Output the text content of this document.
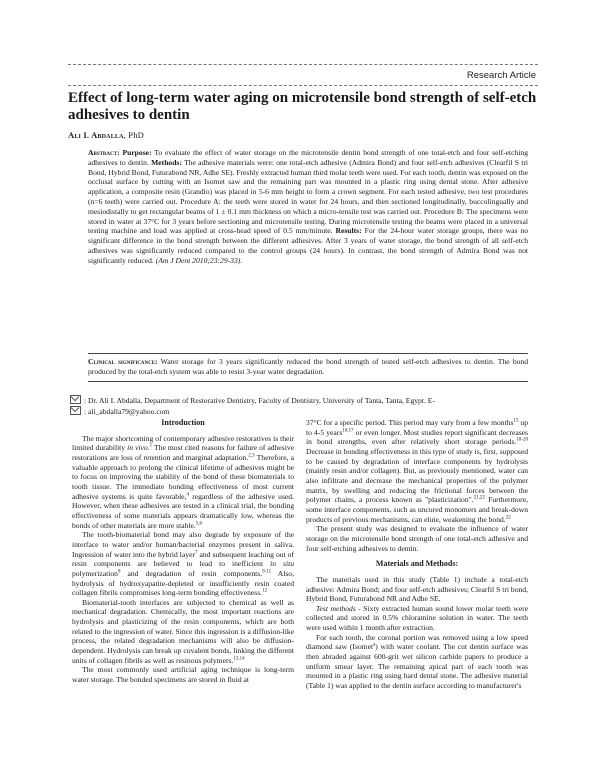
Research Article
Effect of long-term water aging on microtensile bond strength of self-etch adhesives to dentin
Ali I. Abdalla, PhD

Abstract: Purpose: To evaluate the effect of water storage on the microtensile dentin bond strength of one total-etch and four self-etching adhesives to dentin. Methods: The adhesive materials were: one total-etch adhesive (Admira Bond) and four self-etch adhesives (Clearfil S tri Bond, Hybrid Bond, Futurabond NR, Adhe SE). Freshly extracted human third molar teeth were used. For each tooth, dentin was exposed on the occlusal surface by cutting with an Isomet saw and the remaining part was mounted in a plastic ring using dental stone. After adhesive application, a composite resin (Grandio) was placed in 5-6 mm height to form a crown segment. For each tested adhesive, two test procedures (n=6 teeth) were carried out. Procedure A: the teeth were stored in water for 24 hours, and then sectioned longitudinally, buccolingually and mesiodistally to get rectangular beams of 1 ± 0.1 mm thickness on which a micro-tensile test was carried out. Procedure B: The specimens were stored in water at 37°C for 3 years before sectioning and microtensile testing. During microtensile testing the beams were placed in a universal testing machine and load was applied at cross-head speed of 0.5 mm/minute. Results: For the 24-hour water storage groups, there was no significant difference in the bond strength between the different adhesives. After 3 years of water storage, the bond strength of all self-etch adhesives was significantly reduced compared to the control groups (24 hours). In contrast, the bond strength of Admira Bond was not significantly reduced. (Am J Dent 2010;23:29-33).

Clinical significance: Water storage for 3 years significantly reduced the bond strength of tested self-etch adhesives to dentin. The bond produced by the total-etch system was able to resist 3-year water degradation.
: Dr. Ali I. Abdalla, Department of Restorative Dentistry, Faculty of Dentistry, University of Tanta, Tanta, Egypt. E-
: ali_abdalla79@yahoo.com
Introduction

The major shortcoming of contemporary adhesive restoratives is their limited durability in vivo.$^1$ The most cited reasons for failure of adhesive restorations are loss of retention and marginal adaptation.$^{2,3}$ Therefore, a valuable approach to prolong the clinical lifetime of adhesives might be to focus on improving the stability of the bond of these biomaterials to tooth tissue. The immediate bonding effectiveness of most current adhesive systems is quite favorable,$^4$ regardless of the adhesive used. However, when these adhesives are tested in a clinical trial, the bonding effectiveness of some materials appears dramatically low, whereas the bonds of other materials are more stable.$^{5,6}$

The tooth-biomaterial bond may also degrade by exposure of the interface to water and/or human/bacterial enzymes present in saliva. Ingression of water into the hybrid layer$^7$ and subsequent leaching out of resin components are believed to lead to inefficient in situ polymerization$^8$ and degradation of resin components.$^{9-11}$ Also, hydrolysis of hydroxyapatite-depleted or insufficiently resin coated collagen fibrils compromises long-term bonding effectiveness.$^{12}$

Biomaterial-tooth interfaces are subjected to chemical as well as mechanical degradation. Chemically, the most important reactions are hydrolysis and plasticizing of the resin components, which are both related to the ingression of water. Since this ingression is a diffusion-like process, the related degradation mechanisms will also be diffusion-dependent. Hydrolysis can break up covalent bonds, linking the different units of collagen fibrils as well as resinous polymers.$^{13,14}$

The most commonly used artificial aging technique is long-term water storage. The bonded specimens are stored in fluid at

37°C for a specific period. This period may vary from a few months$^{15}$ up to 4-5 years$^{16,17}$ or even longer. Most studies report significant decreases in bond strengths, even after relatively short storage periods.$^{18-20}$ Decrease in bonding effectiveness in this type of study is, first, supposed to be caused by degradation of interface components by hydrolysis (mainly resin and/or collagen). But, as previously mentioned, water can also infiltrate and decrease the mechanical properties of the polymer matrix, by swelling and reducing the frictional forces between the polymer chains, a process known as "plasticization".$^{21,22}$ Furthermore, some interface components, such as uncured monomers and break-down products of previous mechanisms, can elute, weakening the bond.$^{22}$

The present study was designed to evaluate the influence of water storage on the microtensile bond strength of one total-etch adhesive and four self-etching adhesives to dentin.

Materials and Methods:

The materials used in this study (Table 1) include a total-etch adhesive: Admira Bond; and four self-etch adhesives; Clearfil S tri bond, Hybrid Bond, Futurabond NR and Adhe SE.

Test methods - Sixty extracted human sound lower molar teeth were collected and stored in 0.5% chloramine solution in water. The teeth were used within 1 month after extraction.

For each tooth, the coronal portion was removed using a low speed diamond saw (Isomet$^a$) with water coolant. The cut dentin surface was then abraded against 600-grit wet silicon carbide papers to produce a uniform smear layer. The remaining apical part of each tooth was mounted in a plastic ring using hard dental stone. The adhesive material (Table 1) was applied to the dentin surface according to manufacturer's
